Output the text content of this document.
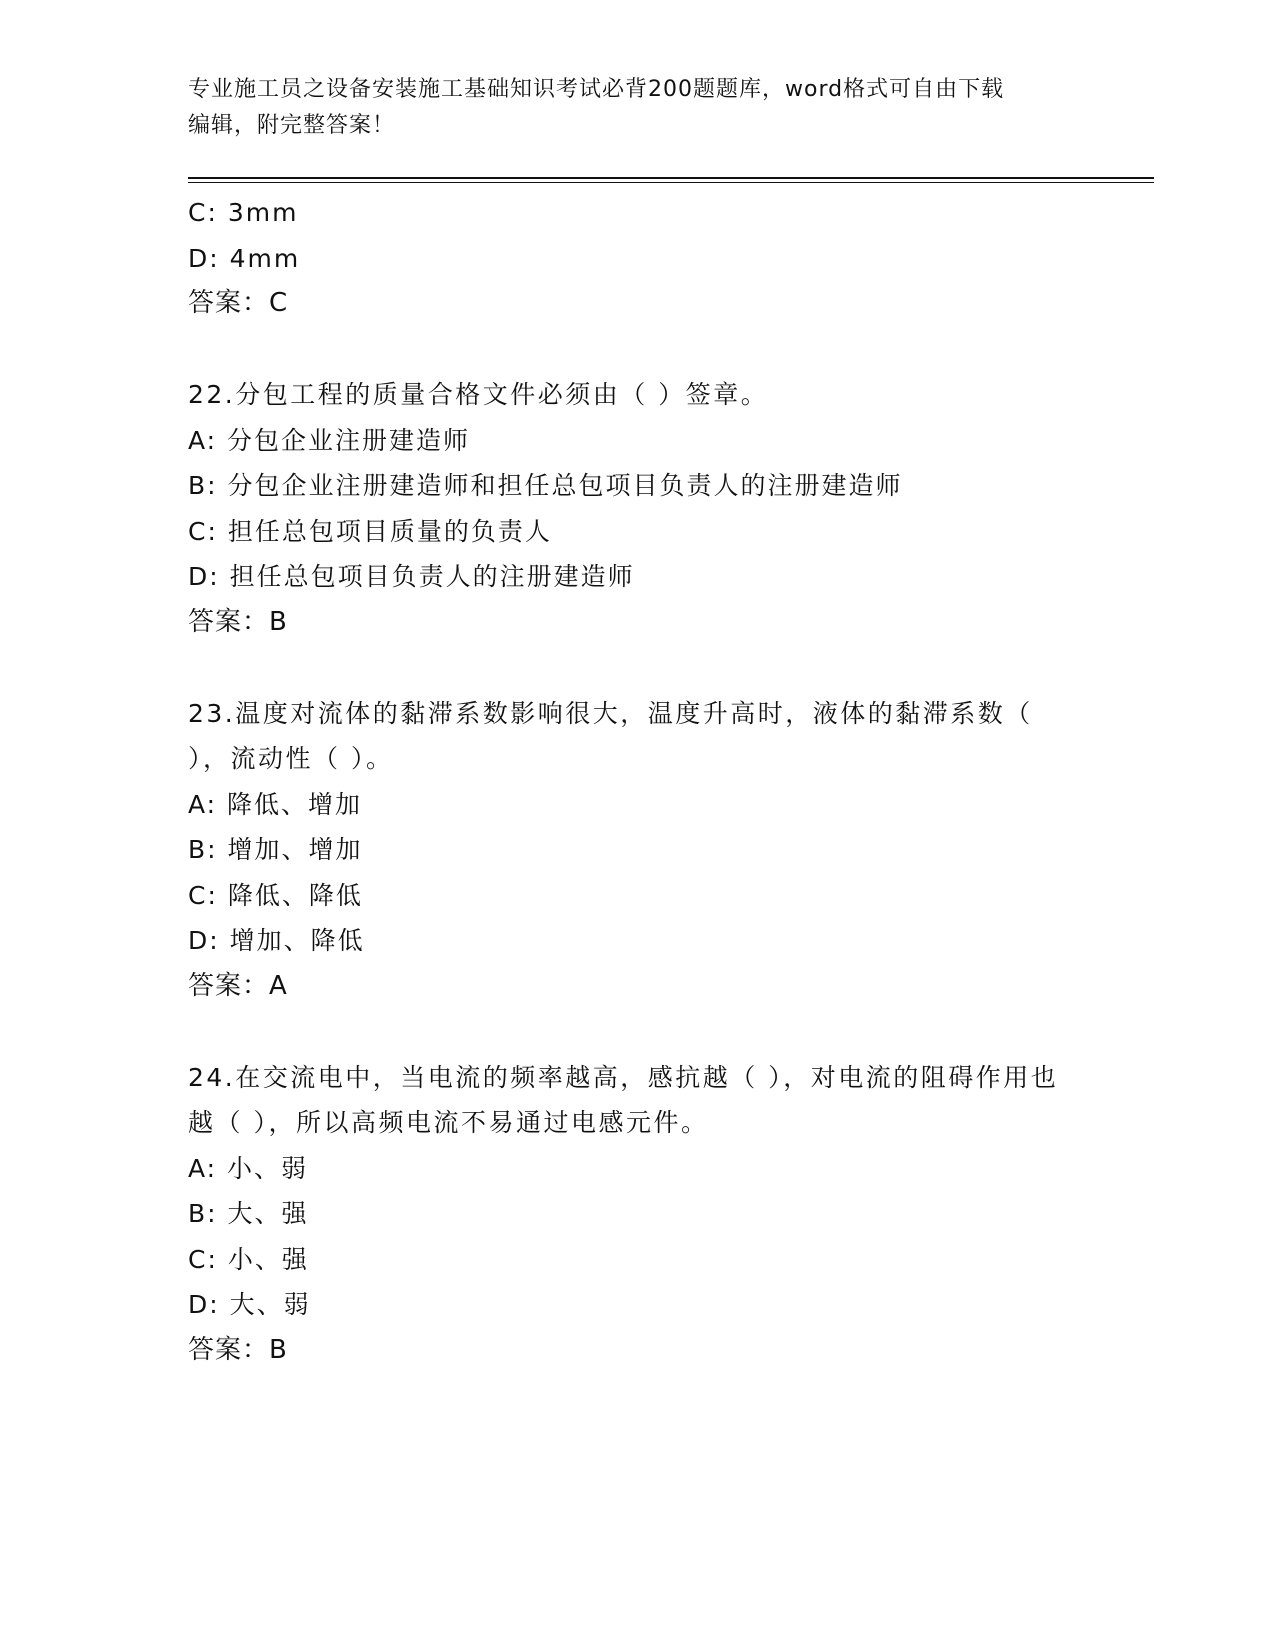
专业施工员之设备安装施工基础知识考试必背200题题库，word格式可自由下载
编辑，附完整答案！
C: 3mm
D: 4mm
答案：C
22.分包工程的质量合格文件必须由（ ）签章。
A: 分包企业注册建造师
B: 分包企业注册建造师和担任总包项目负责人的注册建造师
C: 担任总包项目质量的负责人
D: 担任总包项目负责人的注册建造师
答案：B
23.温度对流体的黏滞系数影响很大，温度升高时，液体的黏滞系数（ ），流动性（ ）。
A: 降低、增加
B: 增加、增加
C: 降低、降低
D: 增加、降低
答案：A
24.在交流电中，当电流的频率越高，感抗越（ ），对电流的阻碍作用也越（ ），所以高频电流不易通过电感元件。
A: 小、弱
B: 大、强
C: 小、强
D: 大、弱
答案：B
